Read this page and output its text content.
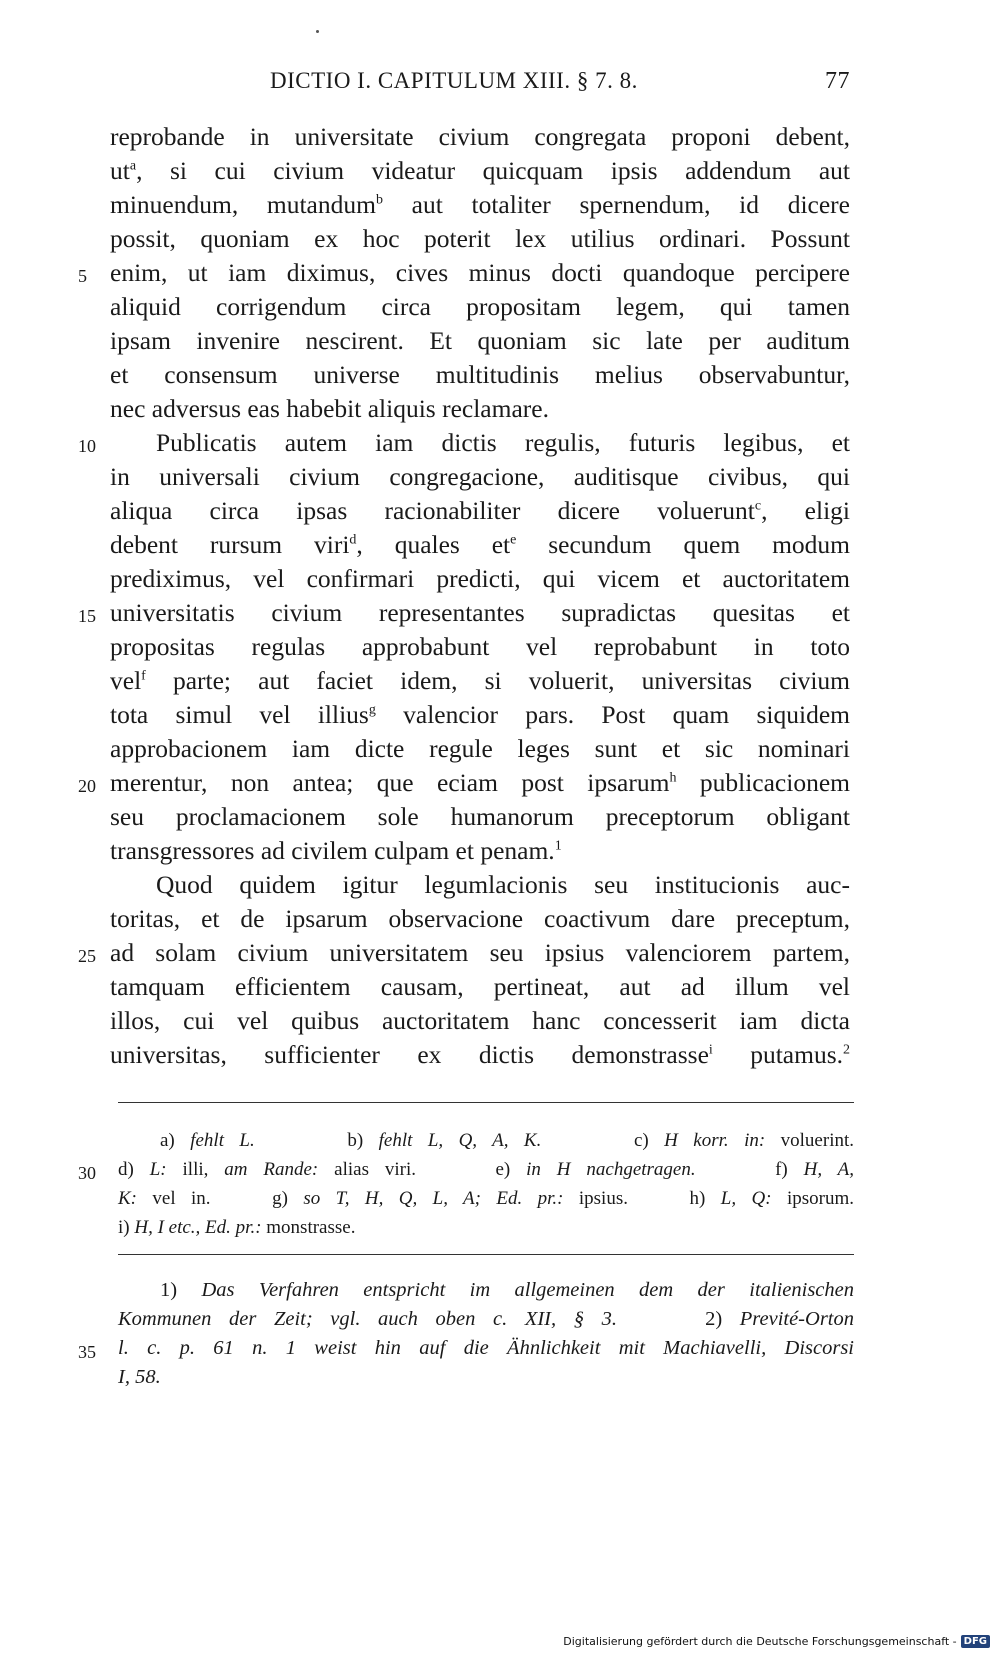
DICTIO I. CAPITULUM XIII. § 7. 8.	77
reprobande in universitate civium congregata proponi debent,
$ut^a$, si cui civium videatur quicquam ipsis addendum aut
minuendum, mutandum$^b$ aut totaliter spernendum, id dicere
possit, quoniam ex hoc poterit lex utilius ordinari. Possunt
enim, ut iam diximus, cives minus docti quandoque percipere
aliquid corrigendum circa propositam legem, qui tamen
ipsam invenire nescirent. Et quoniam sic late per auditum
et consensum universe multitudinis melius observabuntur,
nec adversus eas habebit aliquis reclamare.
Publicatis autem iam dictis regulis, futuris legibus, et
in universali civium congregacione, auditisque civibus, qui
aliqua circa ipsas racionabiliter dicere voluerunt$^c$, eligi
debent rursum viri$^d$, quales $et^e$ secundum quem modum
prediximus, vel confirmari predicti, qui vicem et auctoritatem
universitatis civium representantes supradictas quesitas et
propositas regulas approbabunt vel reprobabunt in toto
vel$^f$ parte; aut faciet idem, si voluerit, universitas civium
tota simul vel illius$^g$ valencior pars. Post quam siquidem
approbacionem iam dicte regule leges sunt et sic nominari
merentur, non antea; que eciam post ipsarum$^h$ publicacionem
seu proclamacionem sole humanorum preceptorum obligant
transgressores ad civilem culpam et penam.$^1$
Quod quidem igitur legumlacionis seu institucionis auc-
toritas, et de ipsarum observacione coactivum dare preceptum,
ad solam civium universitatem seu ipsius valenciorem partem,
tamquam efficientem causam, pertineat, aut ad illum vel
illos, cui vel quibus auctoritatem hanc concesserit iam dicta
universitas, sufficienter ex dictis demonstrasse$^i$ putamus.$^2$
a) fehlt L.      b) fehlt L, Q, A, K.      c) H korr. in: voluerint.
d) L: illi, am Rande: alias viri.     e) in H nachgetragen.     f) H, A,
K: vel in.    g) so T, H, Q, L, A; Ed. pr.: ipsius.    h) L, Q: ipsorum.
i) H, I etc., Ed. pr.: monstrasse.
1) Das Verfahren entspricht im allgemeinen dem der italienischen
Kommunen der Zeit; vgl. auch oben c. XII, § 3.     2) Previté-Orton
l. c. p. 61 n. 1 weist hin auf die Ähnlichkeit mit Machiavelli, Discorsi
I, 58.
5
10
15
20
25
30
35
Digitalisierung gefördert durch die Deutsche Forschungsgemeinschaft - DFG
